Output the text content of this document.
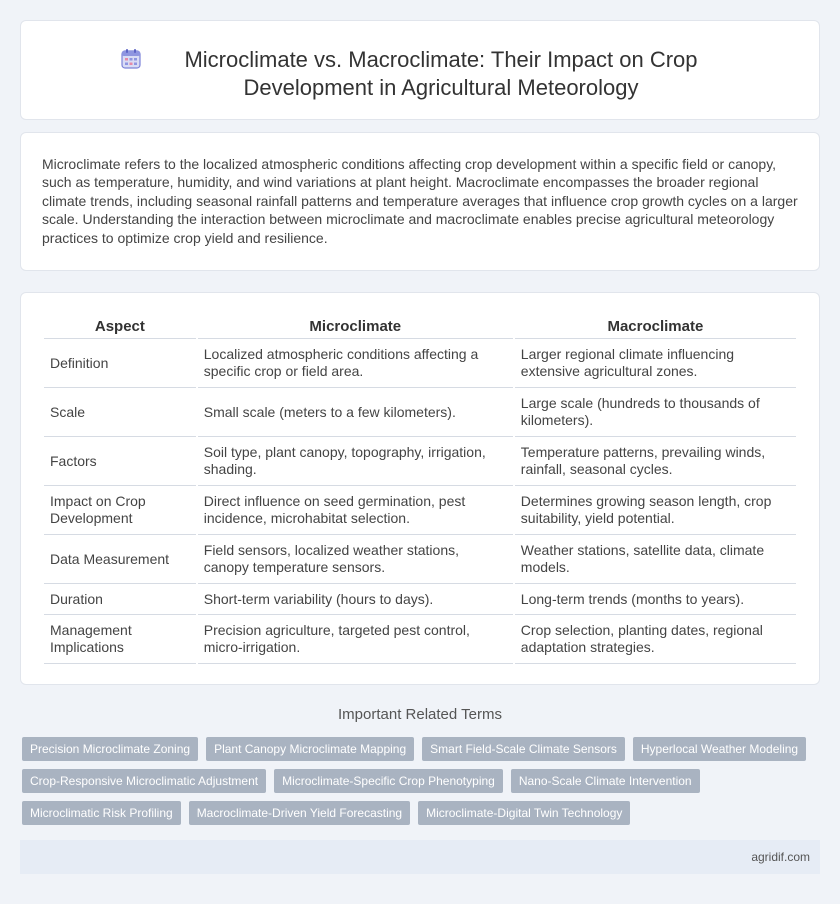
Microclimate vs. Macroclimate: Their Impact on Crop Development in Agricultural Meteorology

Microclimate refers to the localized atmospheric conditions affecting crop development within a specific field or canopy, such as temperature, humidity, and wind variations at plant height. Macroclimate encompasses the broader regional climate trends, including seasonal rainfall patterns and temperature averages that influence crop growth cycles on a larger scale. Understanding the interaction between microclimate and macroclimate enables precise agricultural meteorology practices to optimize crop yield and resilience.

Aspect	Microclimate	Macroclimate
Definition	Localized atmospheric conditions affecting a specific crop or field area.	Larger regional climate influencing extensive agricultural zones.
Scale	Small scale (meters to a few kilometers).	Large scale (hundreds to thousands of kilometers).
Factors	Soil type, plant canopy, topography, irrigation, shading.	Temperature patterns, prevailing winds, rainfall, seasonal cycles.
Impact on Crop Development	Direct influence on seed germination, pest incidence, microhabitat selection.	Determines growing season length, crop suitability, yield potential.
Data Measurement	Field sensors, localized weather stations, canopy temperature sensors.	Weather stations, satellite data, climate models.
Duration	Short-term variability (hours to days).	Long-term trends (months to years).
Management Implications	Precision agriculture, targeted pest control, micro-irrigation.	Crop selection, planting dates, regional adaptation strategies.
Important Related Terms
Precision Microclimate Zoning	Plant Canopy Microclimate Mapping	Smart Field-Scale Climate Sensors	Hyperlocal Weather Modeling
Crop-Responsive Microclimatic Adjustment	Microclimate-Specific Crop Phenotyping	Nano-Scale Climate Intervention
Microclimatic Risk Profiling	Macroclimate-Driven Yield Forecasting	Microclimate-Digital Twin Technology
agridif.com
